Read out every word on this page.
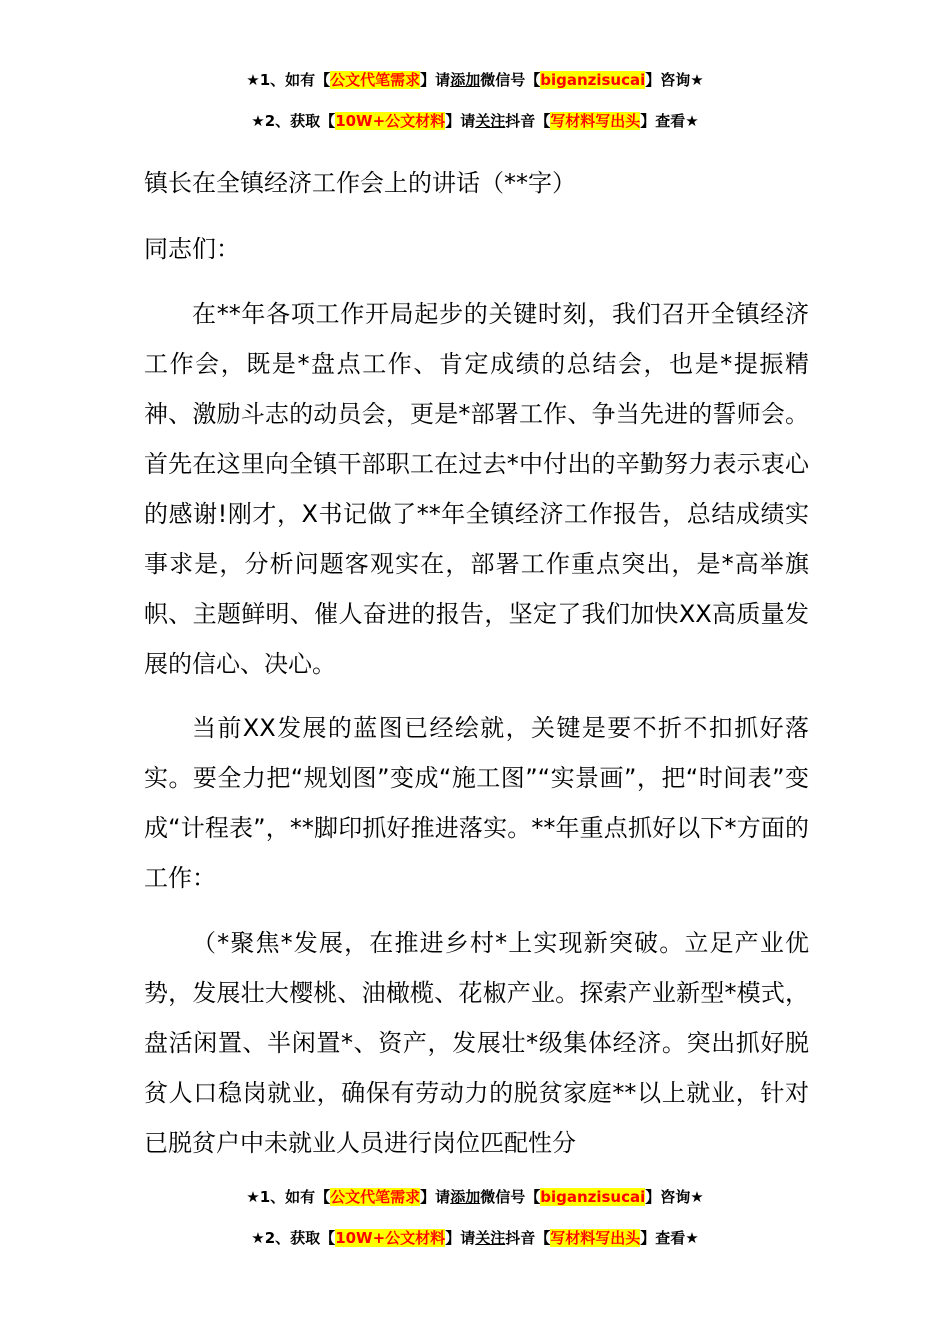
★1、如有【公文代笔需求】请添加微信号【biganzisucai】咨询★
★2、获取【10W+公文材料】请关注抖音【写材料写出头】查看★
镇长在全镇经济工作会上的讲话（**字）
同志们：

在**年各项工作开局起步的关键时刻，我们召开全镇经济工作会，既是*盘点工作、肯定成绩的总结会，也是*提振精神、激励斗志的动员会，更是*部署工作、争当先进的誓师会。首先在这里向全镇干部职工在过去*中付出的辛勤努力表示衷心的感谢!刚才，X书记做了**年全镇经济工作报告，总结成绩实事求是，分析问题客观实在，部署工作重点突出，是*高举旗帜、主题鲜明、催人奋进的报告，坚定了我们加快XX高质量发展的信心、决心。

当前XX发展的蓝图已经绘就，关键是要不折不扣抓好落实。要全力把“规划图”变成“施工图”“实景画”，把“时间表”变成“计程表”，**脚印抓好推进落实。**年重点抓好以下*方面的工作：

（*聚焦*发展，在推进乡村*上实现新突破。立足产业优势，发展壮大樱桃、油橄榄、花椒产业。探索产业新型*模式，盘活闲置、半闲置*、资产，发展壮*级集体经济。突出抓好脱贫人口稳岗就业，确保有劳动力的脱贫家庭**以上就业，针对已脱贫户中未就业人员进行岗位匹配性分

★1、如有【公文代笔需求】请添加微信号【biganzisucai】咨询★
★2、获取【10W+公文材料】请关注抖音【写材料写出头】查看★
